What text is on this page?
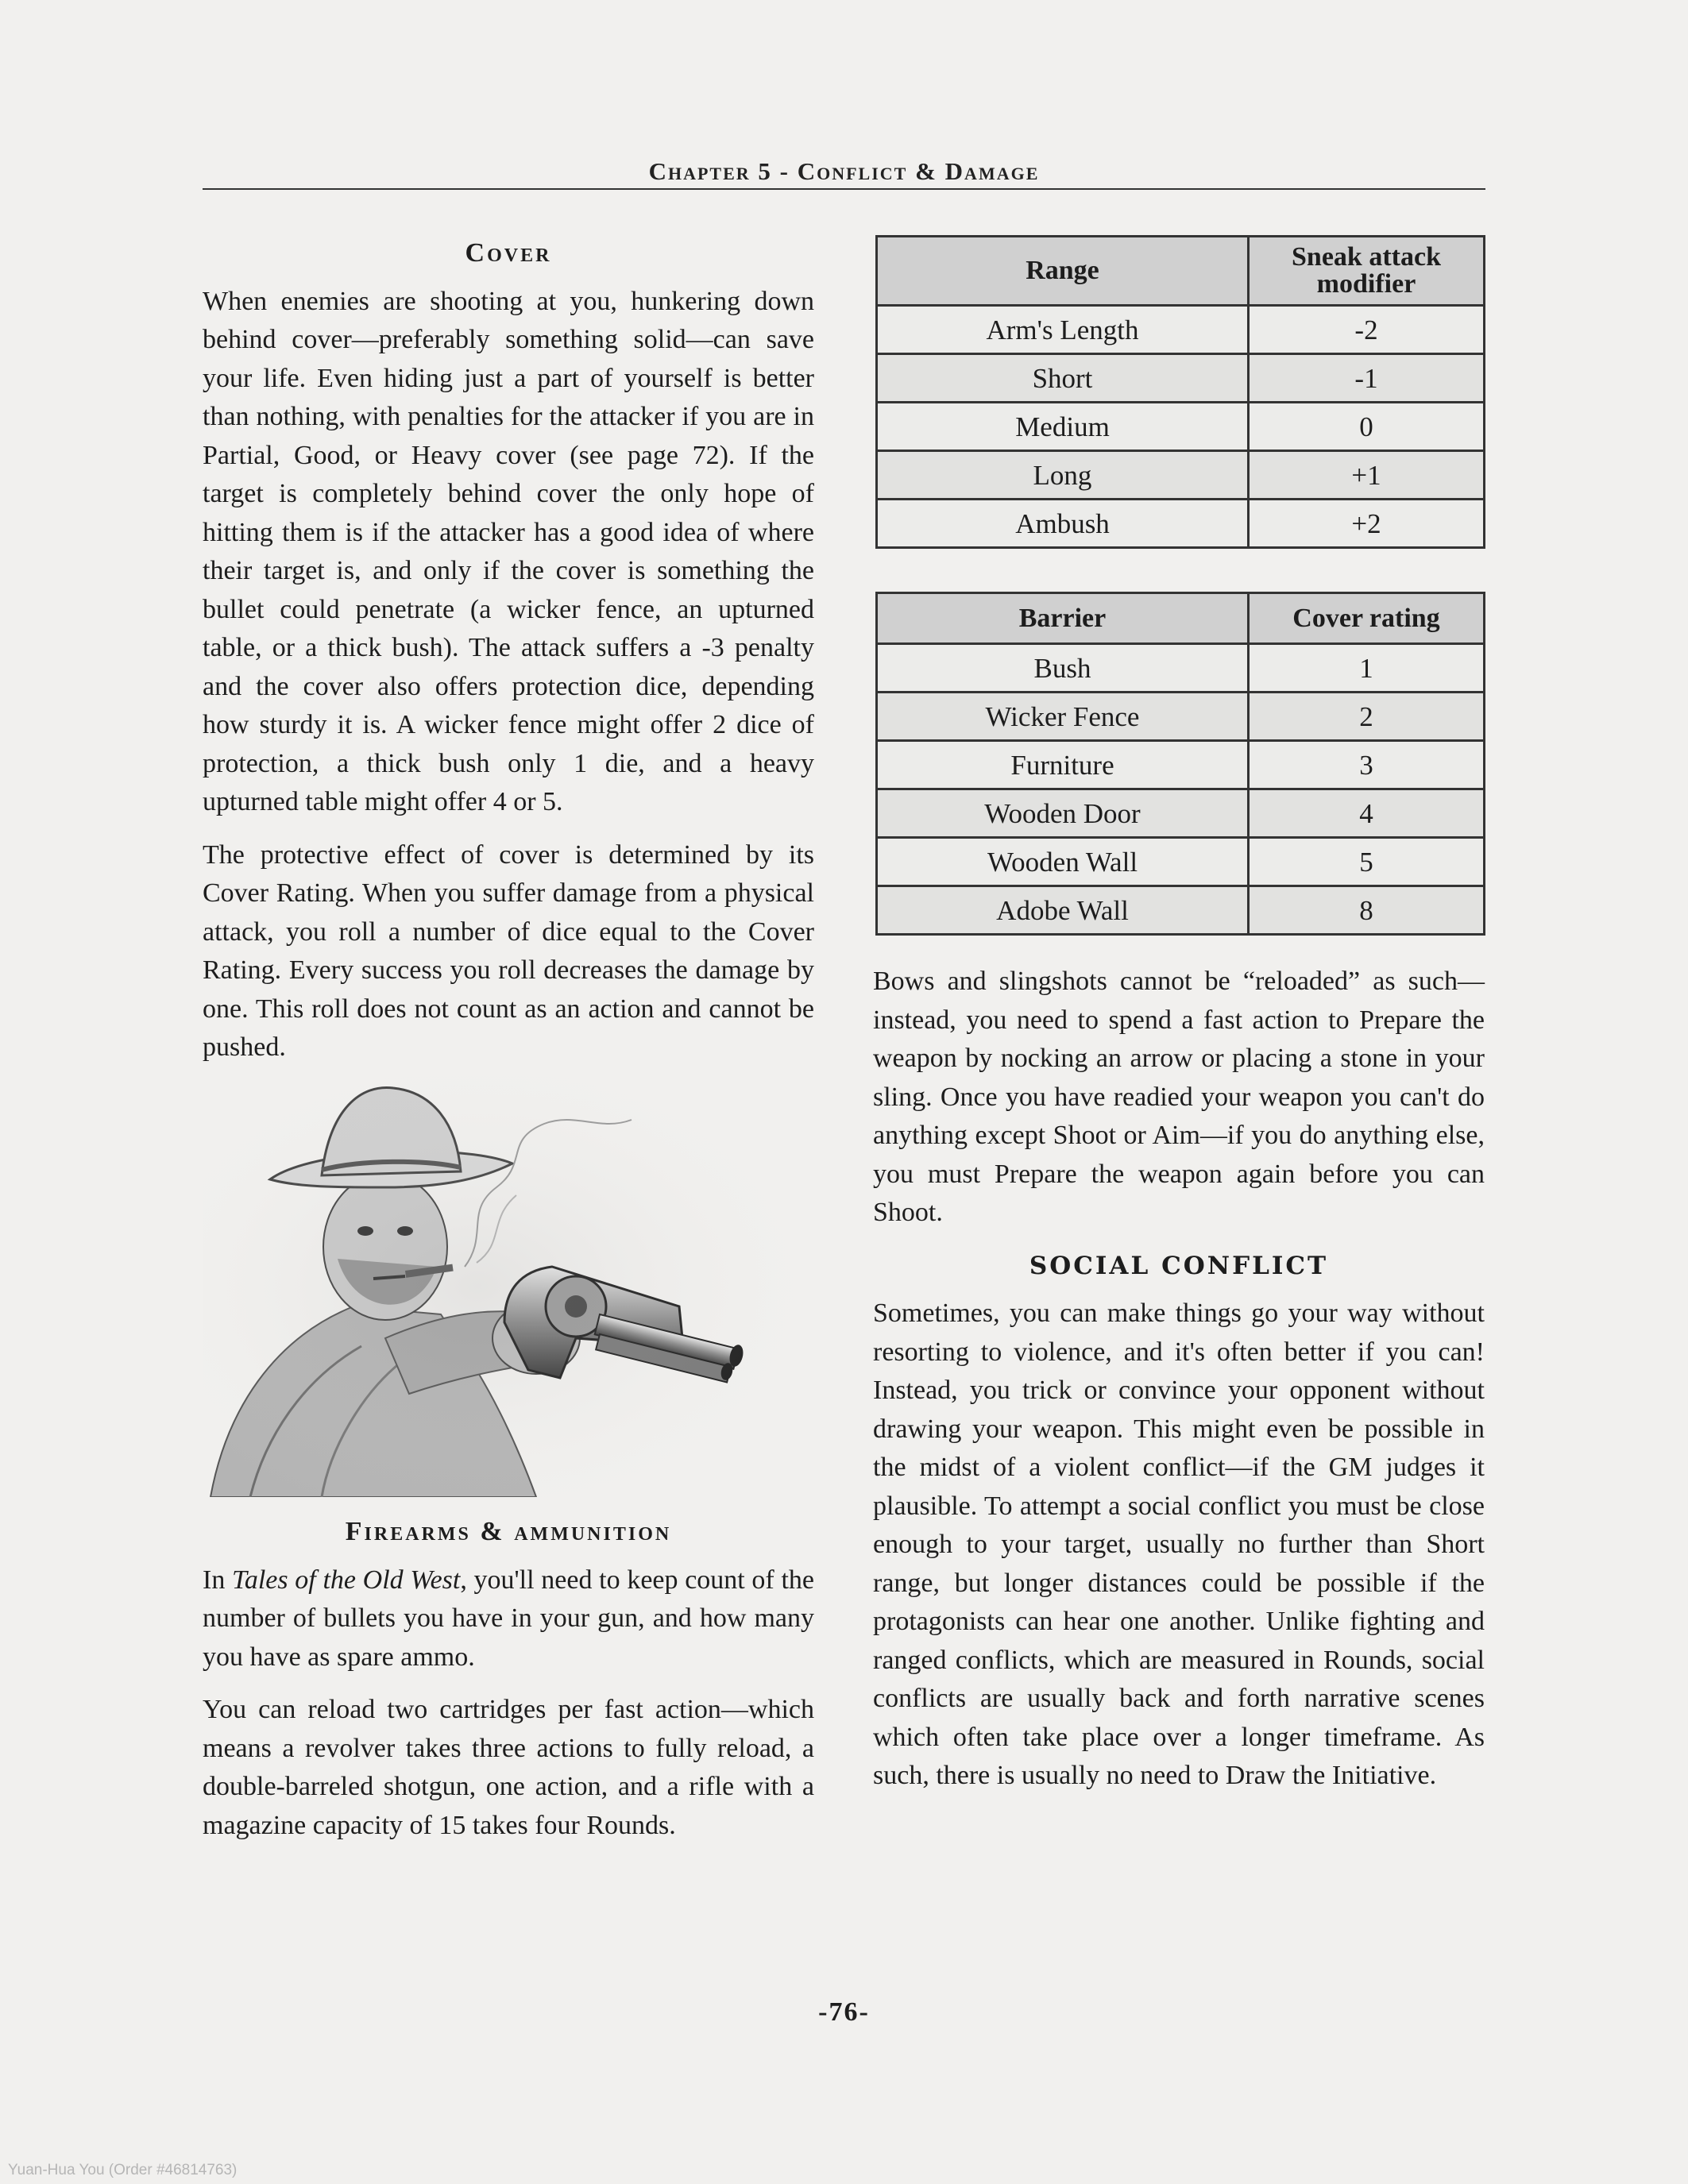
Chapter 5 - Conflict & Damage
Cover

When enemies are shooting at you, hunkering down behind cover—preferably something solid—can save your life. Even hiding just a part of yourself is better than nothing, with penalties for the attacker if you are in Partial, Good, or Heavy cover (see page 72). If the target is completely behind cover the only hope of hitting them is if the attacker has a good idea of where their target is, and only if the cover is something the bullet could penetrate (a wicker fence, an upturned table, or a thick bush). The attack suffers a -3 penalty and the cover also offers protection dice, depending how sturdy it is. A wicker fence might offer 2 dice of protection, a thick bush only 1 die, and a heavy upturned table might offer 4 or 5.

The protective effect of cover is determined by its Cover Rating. When you suffer damage from a physical attack, you roll a number of dice equal to the Cover Rating. Every success you roll decreases the damage by one. This roll does not count as an action and cannot be pushed.

Firearms & ammunition

In Tales of the Old West, you'll need to keep count of the number of bullets you have in your gun, and how many you have as spare ammo.

You can reload two cartridges per fast action—which means a revolver takes three actions to fully reload, a double-barreled shotgun, one action, and a rifle with a magazine capacity of 15 takes four Rounds.

Range	Sneak attack modifier
Arm's Length	-2
Short	-1
Medium	0
Long	+1
Ambush	+2
Barrier	Cover rating
Bush	1
Wicker Fence	2
Furniture	3
Wooden Door	4
Wooden Wall	5
Adobe Wall	8

Bows and slingshots cannot be “reloaded” as such—instead, you need to spend a fast action to Prepare the weapon by nocking an arrow or placing a stone in your sling. Once you have readied your weapon you can't do anything except Shoot or Aim—if you do anything else, you must Prepare the weapon again before you can Shoot.

SOCIAL CONFLICT

Sometimes, you can make things go your way without resorting to violence, and it's often better if you can! Instead, you trick or convince your opponent without drawing your weapon. This might even be possible in the midst of a violent conflict—if the GM judges it plausible. To attempt a social conflict you must be close enough to your target, usually no further than Short range, but longer distances could be possible if the protagonists can hear one another. Unlike fighting and ranged conflicts, which are measured in Rounds, social conflicts are usually back and forth narrative scenes which often take place over a longer timeframe. As such, there is usually no need to Draw the Initiative.

-76-
Yuan-Hua You (Order #46814763)
